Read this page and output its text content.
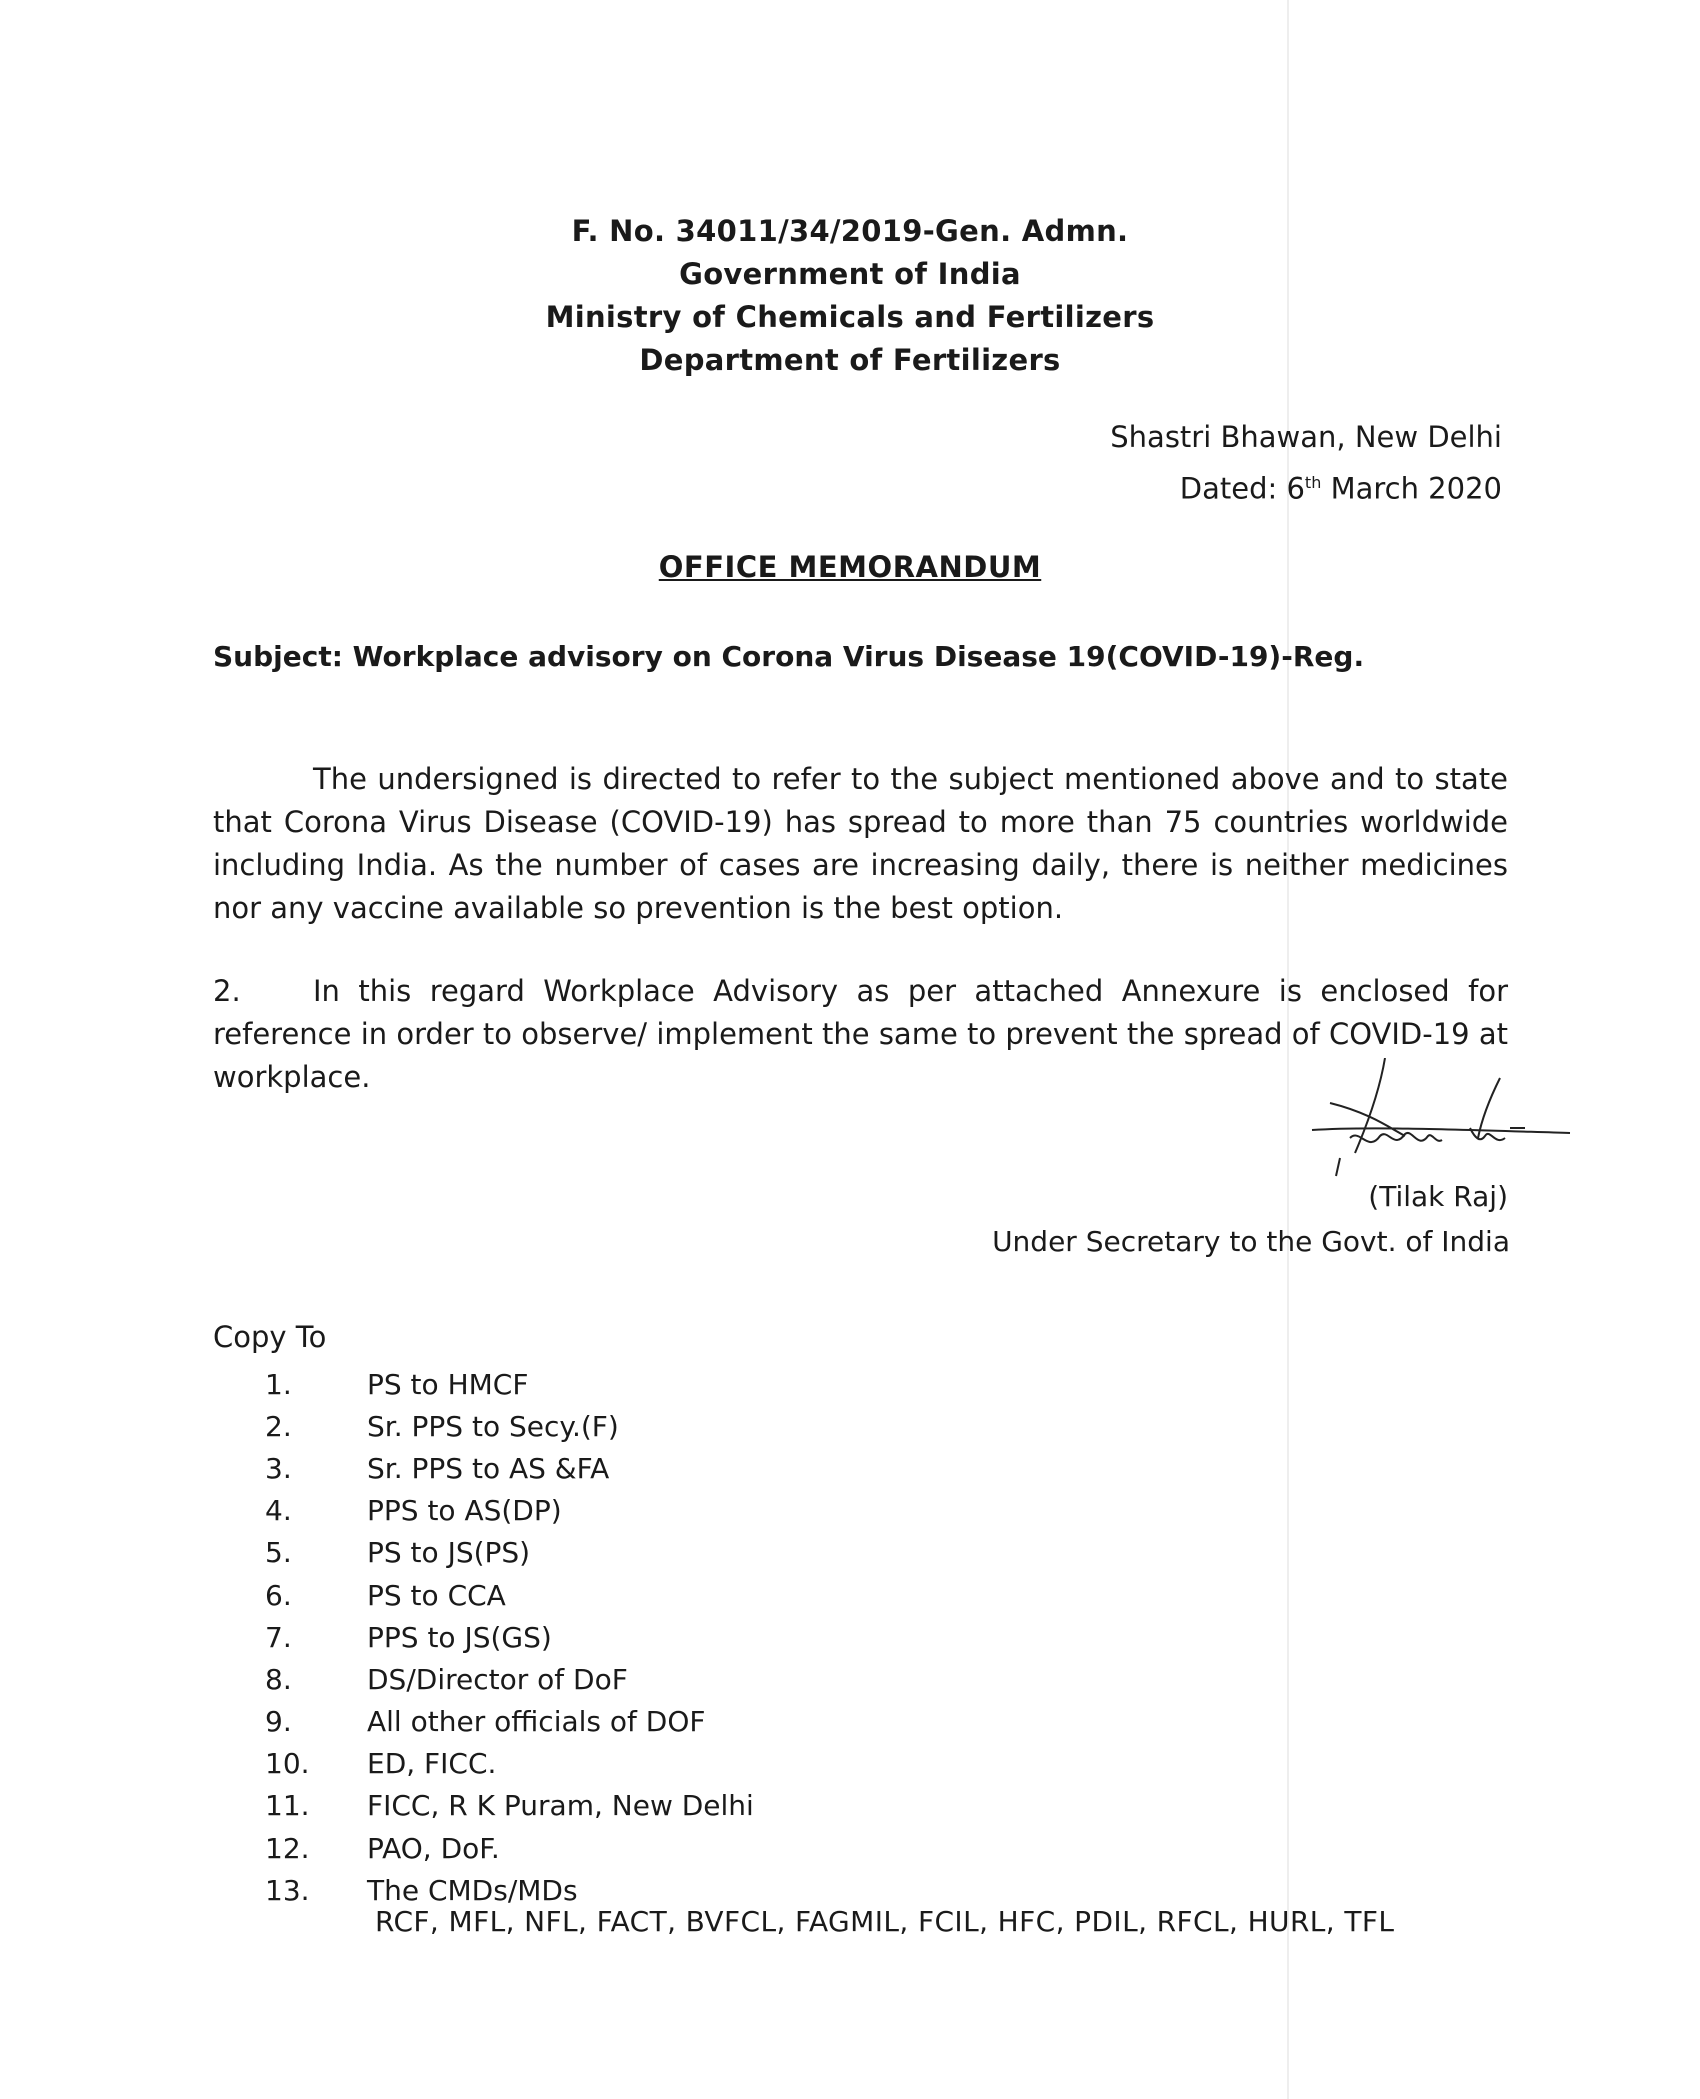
F. No. 34011/34/2019-Gen. Admn.
Government of India
Ministry of Chemicals and Fertilizers
Department of Fertilizers
Shastri Bhawan, New Delhi
Dated: 6th March 2020
OFFICE MEMORANDUM
Subject: Workplace advisory on Corona Virus Disease 19(COVID-19)-Reg.
The undersigned is directed to refer to the subject mentioned above and to state that Corona Virus Disease (COVID-19) has spread to more than 75 countries worldwide including India. As the number of cases are increasing daily, there is neither medicines nor any vaccine available so prevention is the best option.
2. In this regard Workplace Advisory as per attached Annexure is enclosed for reference in order to observe/ implement the same to prevent the spread of COVID-19 at workplace.
(Tilak Raj)
Under Secretary to the Govt. of India
Copy To
1.	PS to HMCF
2.	Sr. PPS to Secy.(F)
3.	Sr. PPS to AS &FA
4.	PPS to AS(DP)
5.	PS to JS(PS)
6.	PS to CCA
7.	PPS to JS(GS)
8.	DS/Director of DoF
9.	All other officials of DOF
10.	ED, FICC.
11.	FICC, R K Puram, New Delhi
12.	PAO, DoF.
13.	The CMDs/MDs
RCF, MFL, NFL, FACT, BVFCL, FAGMIL, FCIL, HFC, PDIL, RFCL, HURL, TFL
